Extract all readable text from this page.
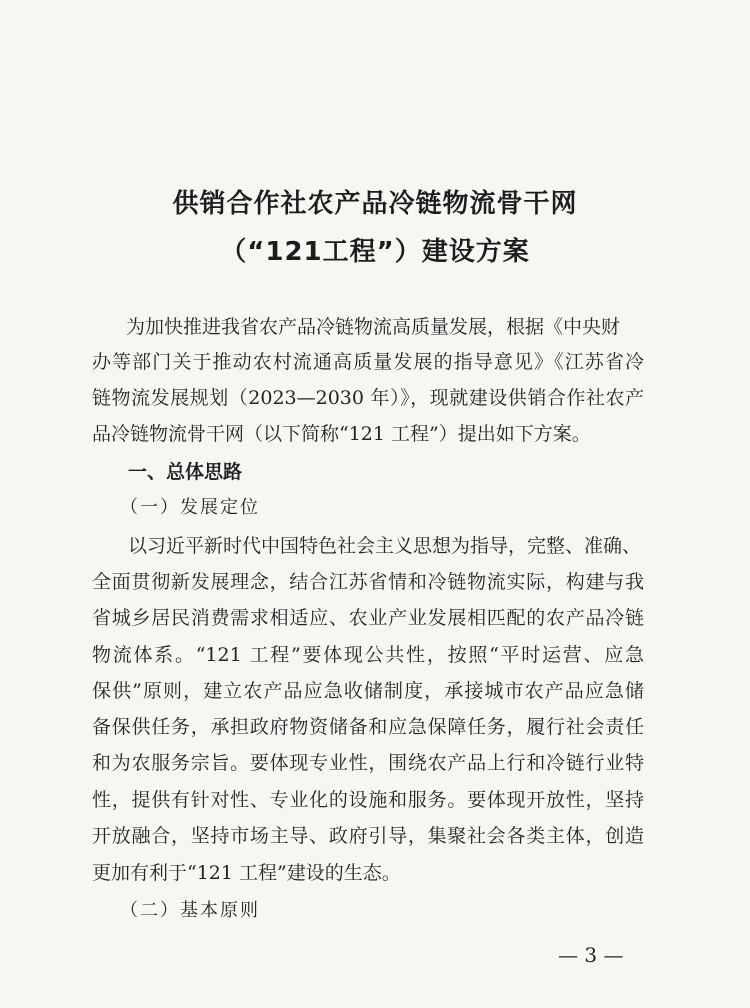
供销合作社农产品冷链物流骨干网
（“121工程”）建设方案
为加快推进我省农产品冷链物流高质量发展，根据《中央财
办等部门关于推动农村流通高质量发展的指导意见》《江苏省冷
链物流发展规划（2023—2030 年）》，现就建设供销合作社农产
品冷链物流骨干网（以下简称“121 工程”）提出如下方案。
一、总体思路
（一）发展定位
以习近平新时代中国特色社会主义思想为指导，完整、准确、
全面贯彻新发展理念，结合江苏省情和冷链物流实际，构建与我
省城乡居民消费需求相适应、农业产业发展相匹配的农产品冷链
物流体系。“121 工程”要体现公共性，按照“平时运营、应急
保供”原则，建立农产品应急收储制度，承接城市农产品应急储
备保供任务，承担政府物资储备和应急保障任务，履行社会责任
和为农服务宗旨。要体现专业性，围绕农产品上行和冷链行业特
性，提供有针对性、专业化的设施和服务。要体现开放性，坚持
开放融合，坚持市场主导、政府引导，集聚社会各类主体，创造
更加有利于“121 工程”建设的生态。
（二）基本原则
— 3 —
